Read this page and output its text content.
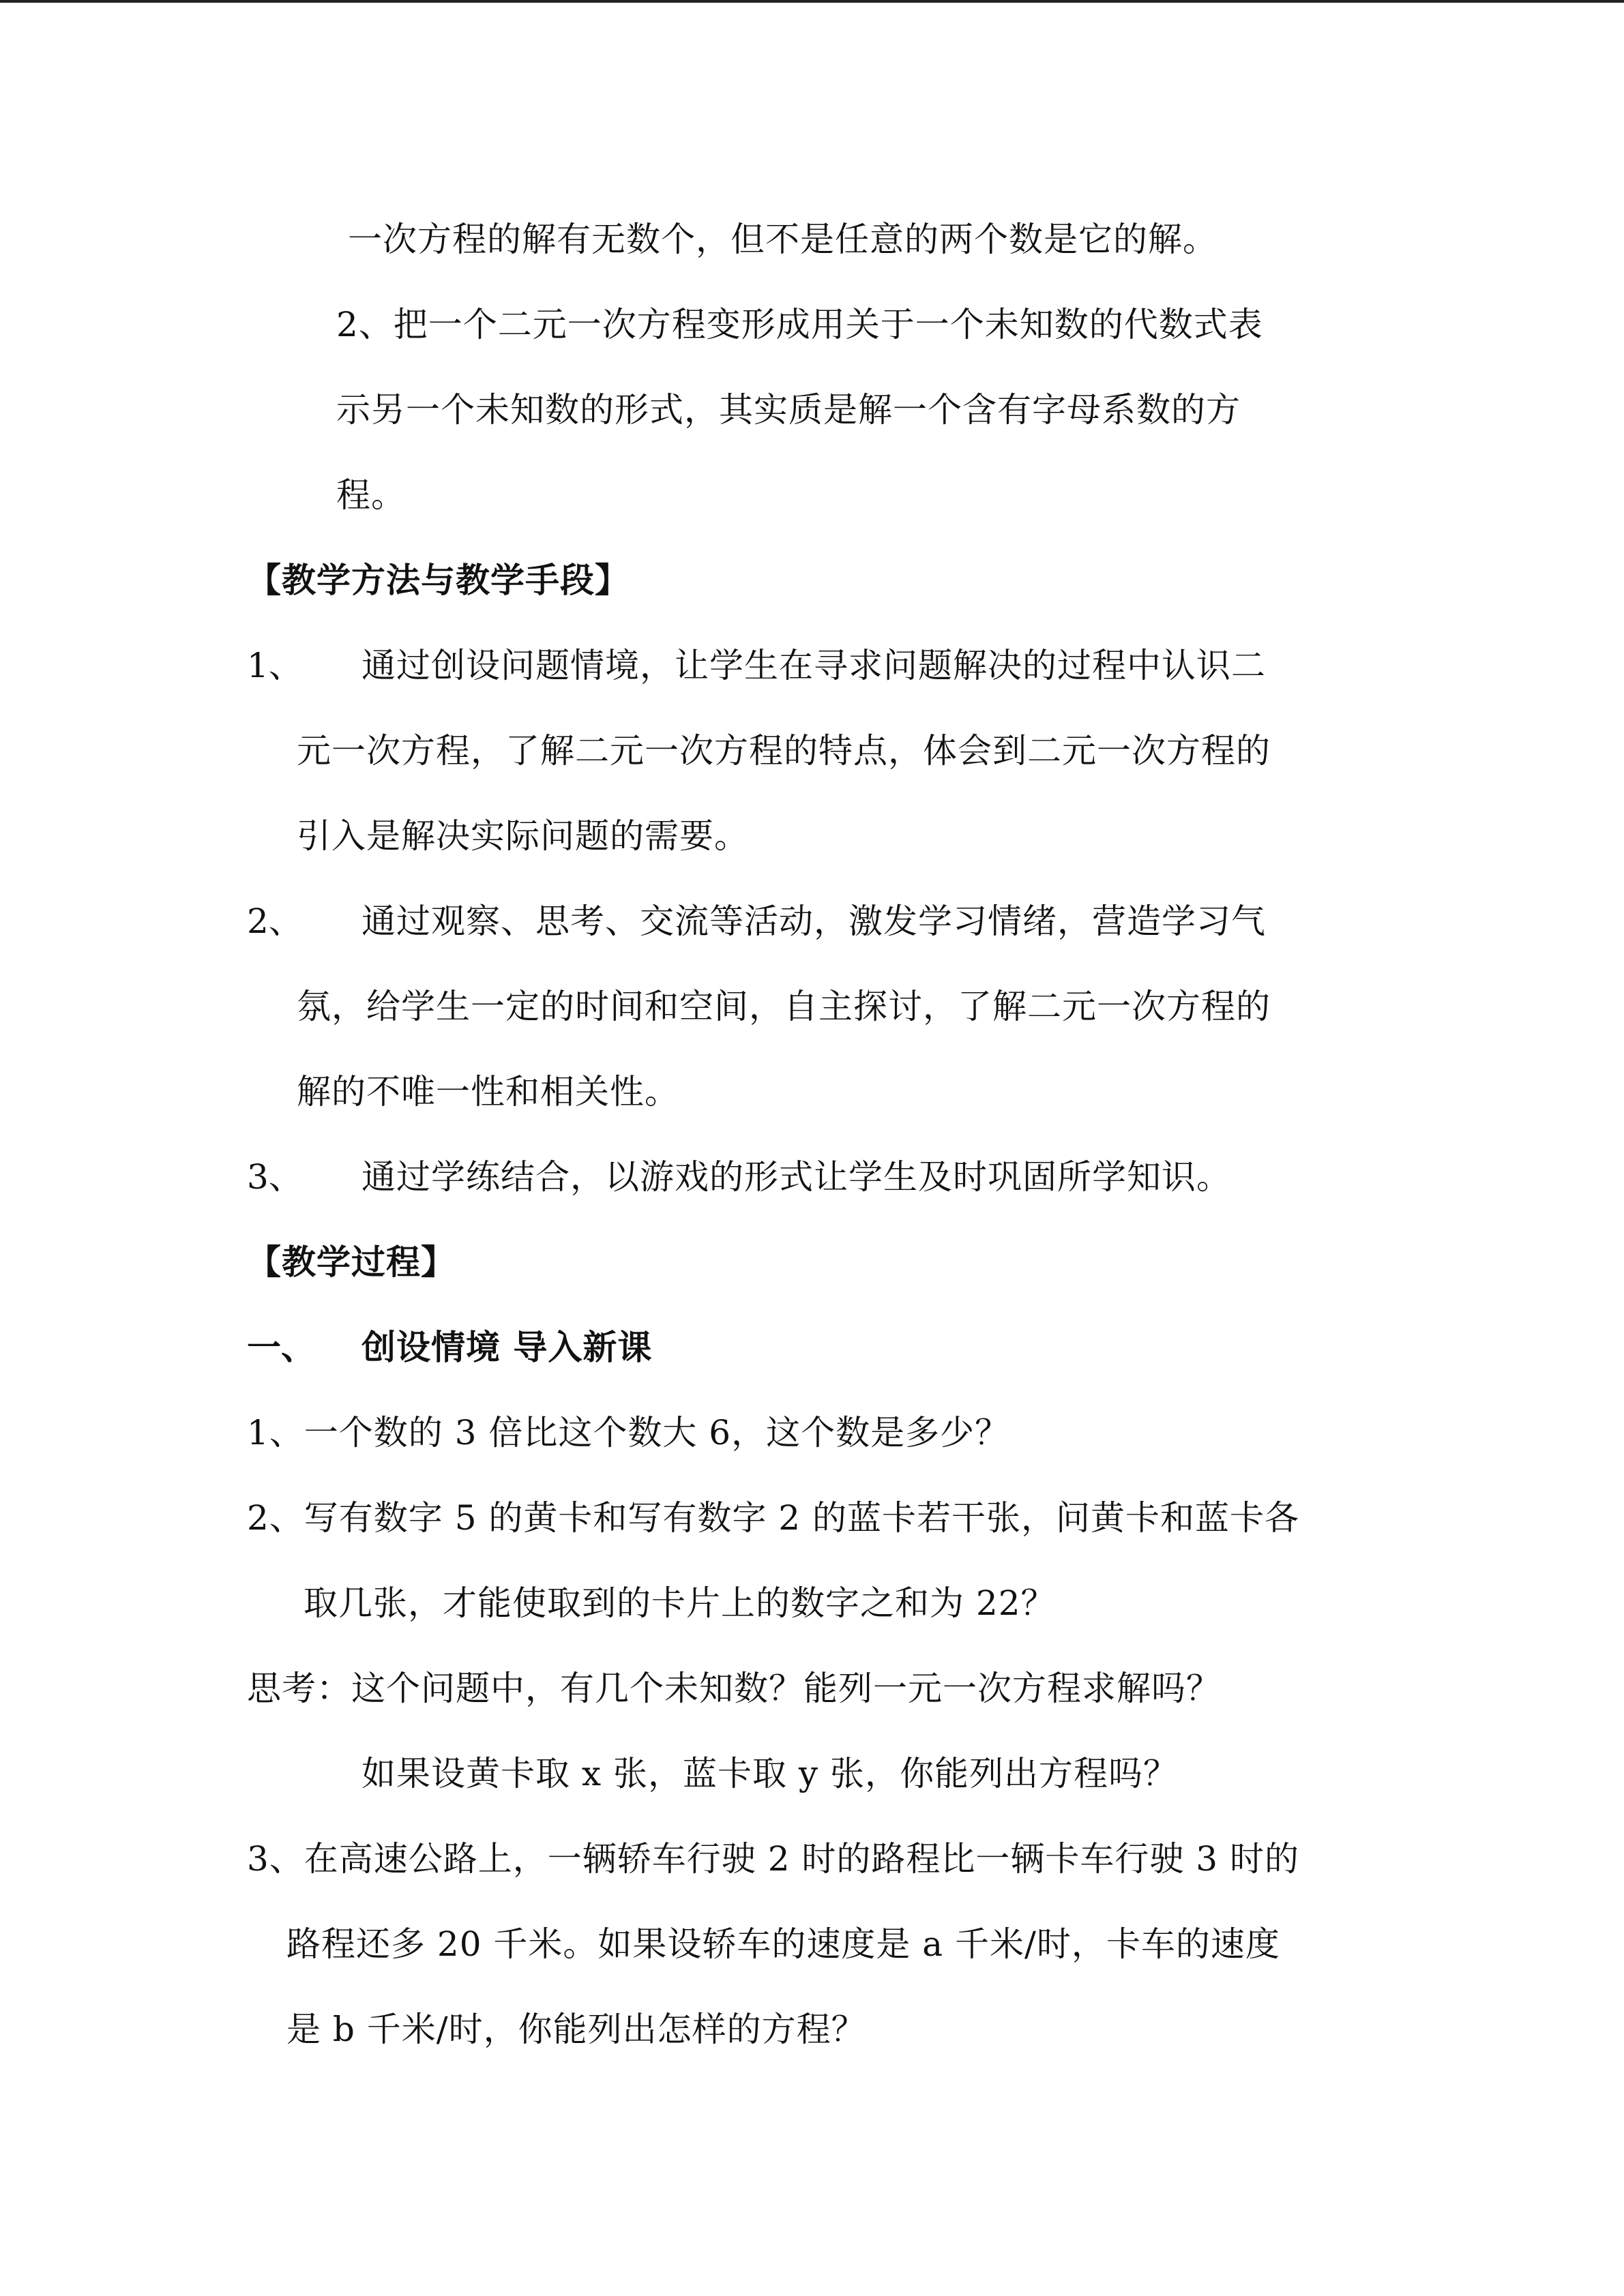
一次方程的解有无数个，但不是任意的两个数是它的解。
2、把一个二元一次方程变形成用关于一个未知数的代数式表
示另一个未知数的形式，其实质是解一个含有字母系数的方
程。
【教学方法与教学手段】
1、 通过创设问题情境，让学生在寻求问题解决的过程中认识二
元一次方程，了解二元一次方程的特点，体会到二元一次方程的
引入是解决实际问题的需要。
2、 通过观察、思考、交流等活动，激发学习情绪，营造学习气
氛，给学生一定的时间和空间，自主探讨，了解二元一次方程的
解的不唯一性和相关性。
3、 通过学练结合，以游戏的形式让学生及时巩固所学知识。
【教学过程】
一、 创设情境 导入新课
1、一个数的 3 倍比这个数大 6，这个数是多少？
2、写有数字 5 的黄卡和写有数字 2 的蓝卡若干张，问黄卡和蓝卡各
取几张，才能使取到的卡片上的数字之和为 22？
思考：这个问题中，有几个未知数？能列一元一次方程求解吗？
如果设黄卡取 x 张，蓝卡取 y 张，你能列出方程吗？
3、在高速公路上，一辆轿车行驶 2 时的路程比一辆卡车行驶 3 时的
路程还多 20 千米。如果设轿车的速度是 a 千米/时，卡车的速度
是 b 千米/时，你能列出怎样的方程？
